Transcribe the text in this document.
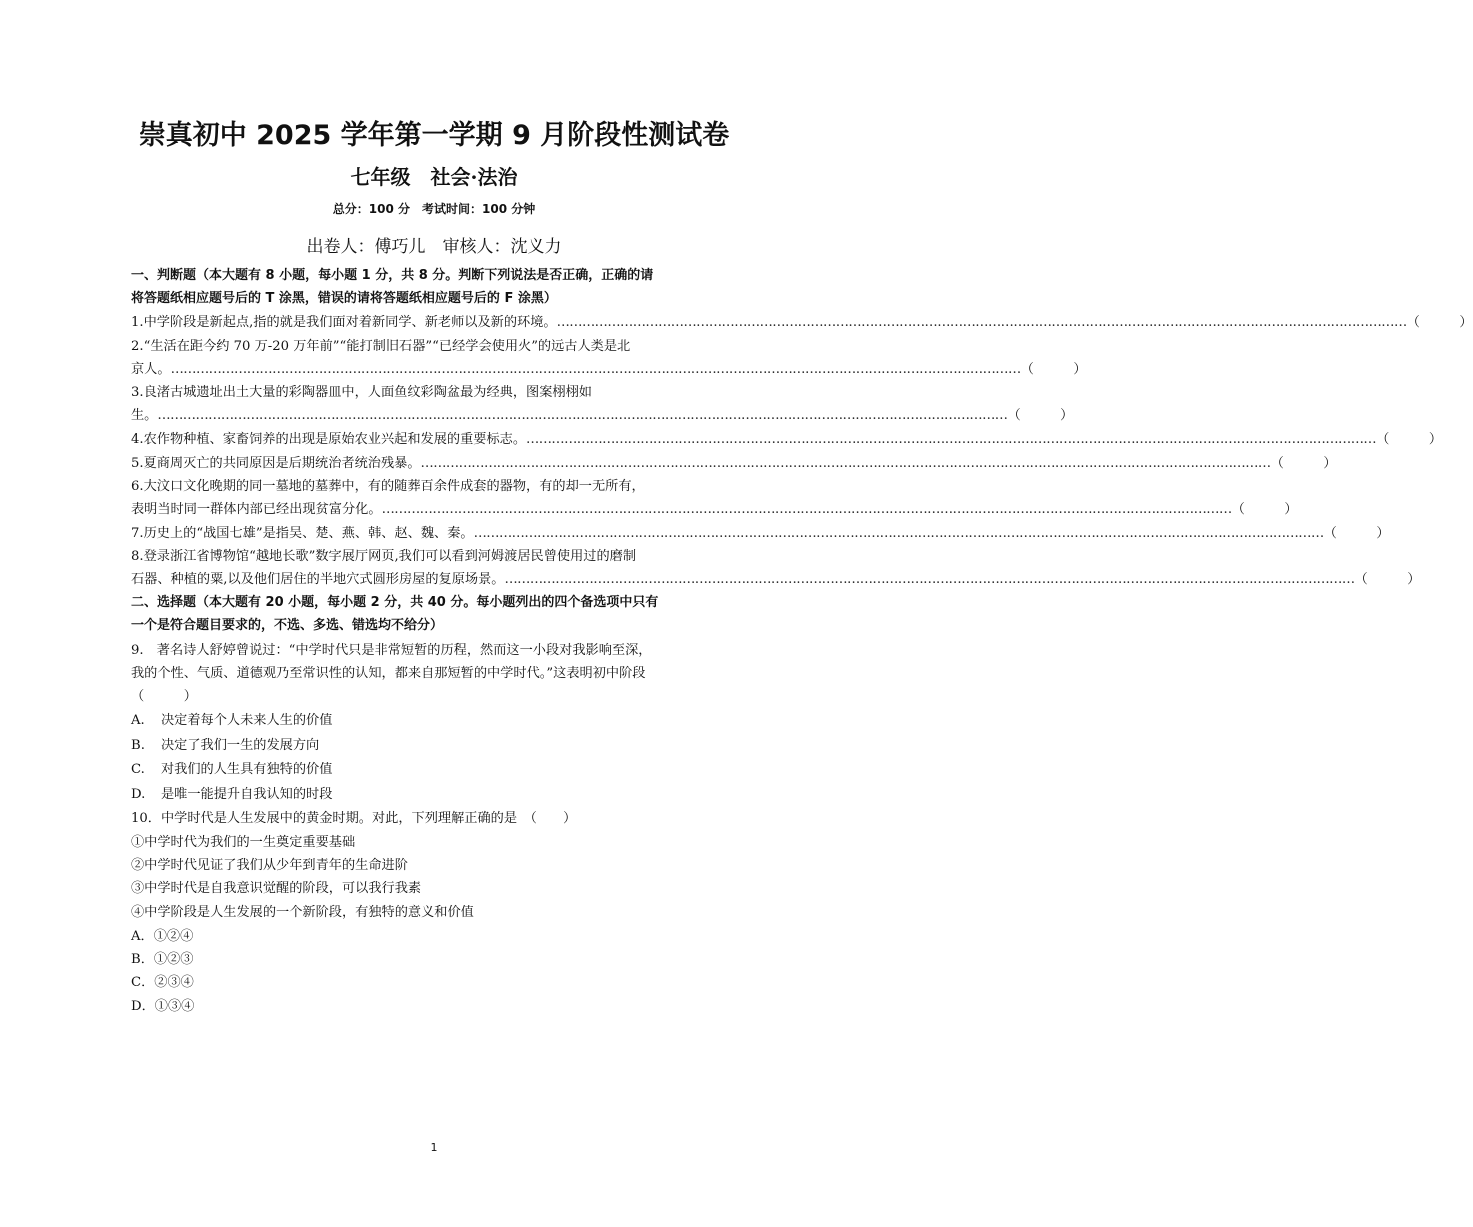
崇真初中 2025 学年第一学期 9 月阶段性测试卷
七年级　社会·法治
总分：100 分　考试时间：100 分钟
出卷人：傅巧儿　审核人：沈义力
一、判断题（本大题有 8 小题，每小题 1 分，共 8 分。判断下列说法是否正确，正确的请
将答题纸相应题号后的 T 涂黑，错误的请将答题纸相应题号后的 F 涂黑）
1.中学阶段是新起点,指的就是我们面对着新同学、新老师以及新的环境。 ………………………………………………………………………………………………………………………………………………………………………………… （　　　）
2.“生活在距今约 70 万-20 万年前”“能打制旧石器”“已经学会使用火”的远古人类是北
京人。 ………………………………………………………………………………………………………………………………………………………………………………… （　　　）
3.良渚古城遗址出土大量的彩陶器皿中，人面鱼纹彩陶盆最为经典，图案栩栩如
生。 ………………………………………………………………………………………………………………………………………………………………………………… （　　　）
4.农作物种植、家畜饲养的出现是原始农业兴起和发展的重要标志。 ………………………………………………………………………………………………………………………………………………………………………………… （　　　）
5.夏商周灭亡的共同原因是后期统治者统治残暴。 ………………………………………………………………………………………………………………………………………………………………………………… （　　　）
6.大汶口文化晚期的同一墓地的墓葬中，有的随葬百余件成套的器物，有的却一无所有，
表明当时同一群体内部已经出现贫富分化。 ………………………………………………………………………………………………………………………………………………………………………………… （　　　）
7.历史上的“战国七雄”是指吴、楚、燕、韩、赵、魏、秦。 ………………………………………………………………………………………………………………………………………………………………………………… （　　　）
8.登录浙江省博物馆“越地长歌”数字展厅网页,我们可以看到河姆渡居民曾使用过的磨制
石器、种植的粟,以及他们居住的半地穴式圆形房屋的复原场景。 ………………………………………………………………………………………………………………………………………………………………………………… （　　　）
二、选择题（本大题有 20 小题，每小题 2 分，共 40 分。每小题列出的四个备选项中只有
一个是符合题目要求的，不选、多选、错选均不给分）
9.　著名诗人舒婷曾说过：“中学时代只是非常短暂的历程，然而这一小段对我影响至深，
我的个性、气质、道德观乃至常识性的认知，都来自那短暂的中学时代。”这表明初中阶段
（　　　）
A. 决定着每个人未来人生的价值
B. 决定了我们一生的发展方向
C. 对我们的人生具有独特的价值
D. 是唯一能提升自我认知的时段
10．中学时代是人生发展中的黄金时期。对此，下列理解正确的是　（　　）
①中学时代为我们的一生奠定重要基础
②中学时代见证了我们从少年到青年的生命进阶
③中学时代是自我意识觉醒的阶段，可以我行我素
④中学阶段是人生发展的一个新阶段，有独特的意义和价值
A．①②④
B．①②③
C．②③④
D．①③④
1
